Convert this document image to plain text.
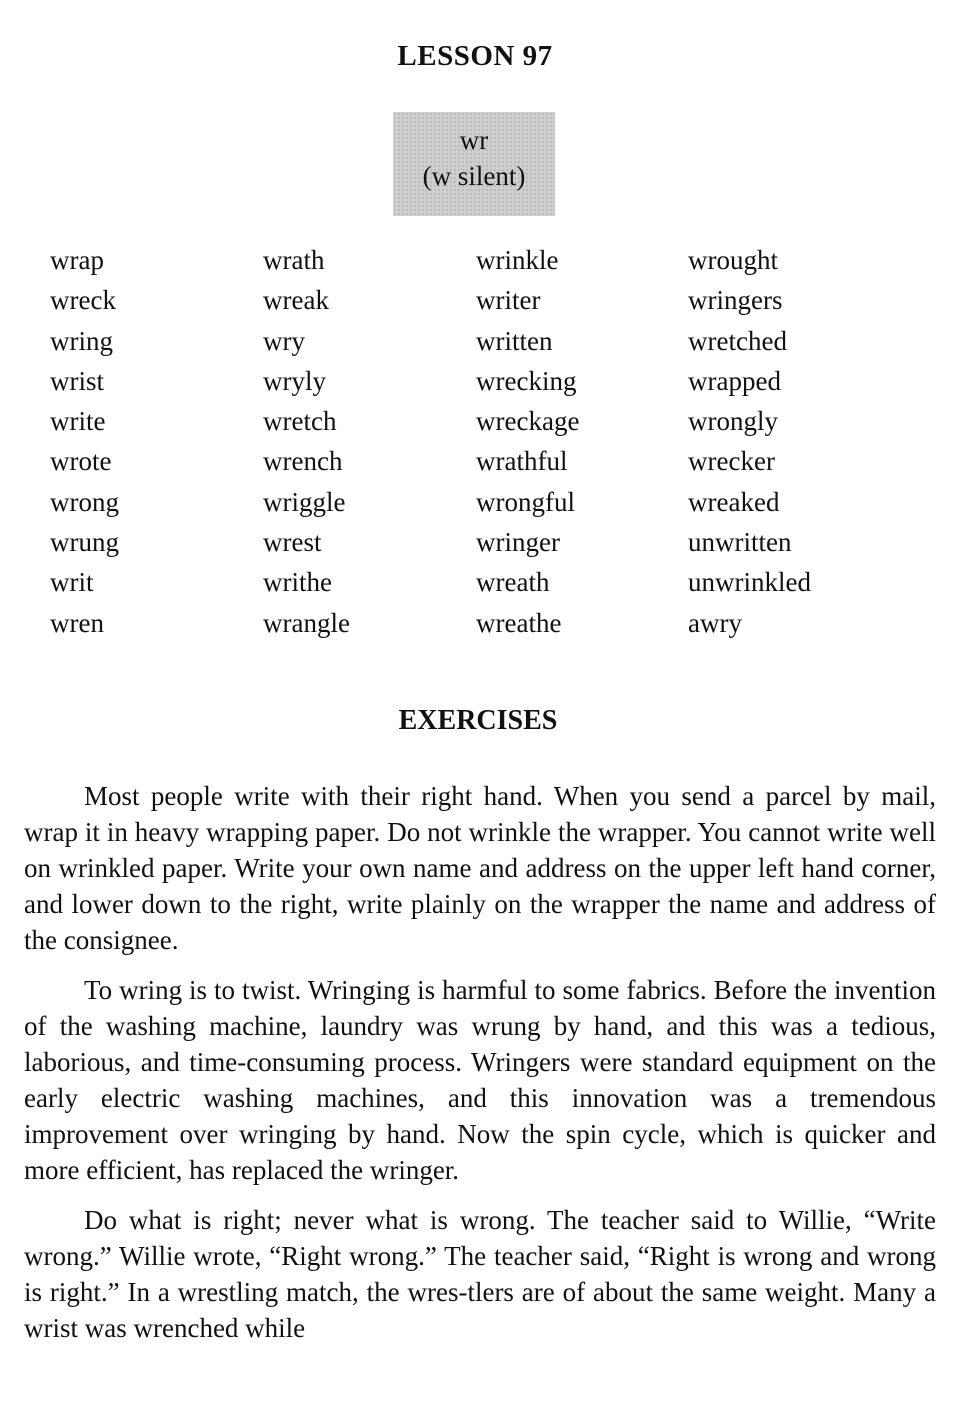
LESSON 97
wr
(w silent)
wrap
wreck
wring
wrist
write
wrote
wrong
wrung
writ
wren
wrath
wreak
wry
wryly
wretch
wrench
wriggle
wrest
writhe
wrangle
wrinkle
writer
written
wrecking
wreckage
wrathful
wrongful
wringer
wreath
wreathe
wrought
wringers
wretched
wrapped
wrongly
wrecker
wreaked
unwritten
unwrinkled
awry
EXERCISES

Most people write with their right hand. When you send a parcel by mail, wrap it in heavy wrapping paper. Do not wrinkle the wrapper. You cannot write well on wrinkled paper. Write your own name and address on the upper left hand corner, and lower down to the right, write plainly on the wrapper the name and address of the consignee.

To wring is to twist. Wringing is harmful to some fabrics. Before the invention of the washing machine, laundry was wrung by hand, and this was a tedious, laborious, and time-consuming process. Wringers were standard equipment on the early electric washing machines, and this innovation was a tremendous improvement over wringing by hand. Now the spin cycle, which is quicker and more efficient, has replaced the wringer.

Do what is right; never what is wrong. The teacher said to Willie, “Write wrong.” Willie wrote, “Right wrong.” The teacher said, “Right is wrong and wrong is right.” In a wrestling match, the wres-tlers are of about the same weight. Many a wrist was wrenched while
